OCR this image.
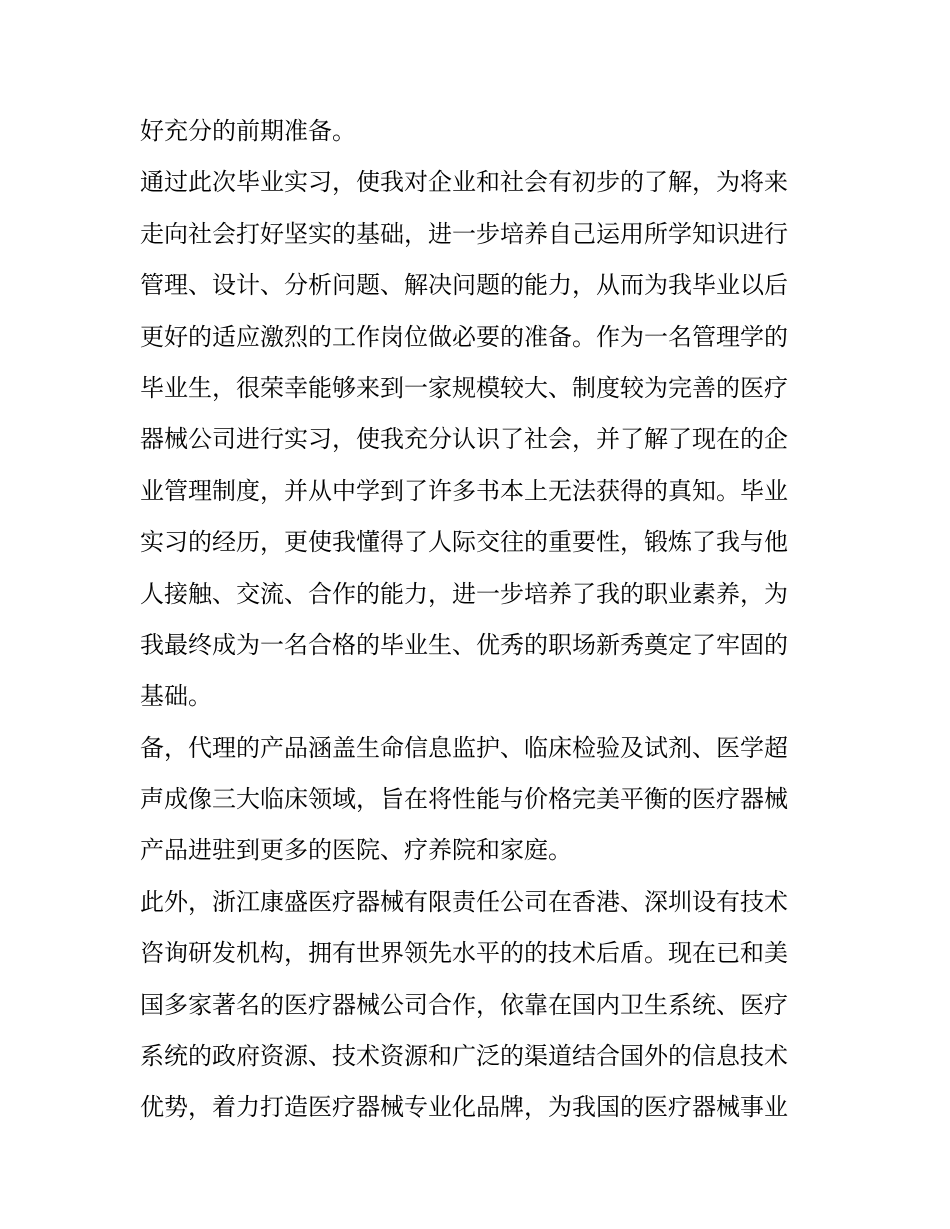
好充分的前期准备。
通过此次毕业实习，使我对企业和社会有初步的了解，为将来
走向社会打好坚实的基础，进一步培养自己运用所学知识进行
管理、设计、分析问题、解决问题的能力，从而为我毕业以后
更好的适应激烈的工作岗位做必要的准备。作为一名管理学的
毕业生，很荣幸能够来到一家规模较大、制度较为完善的医疗
器械公司进行实习，使我充分认识了社会，并了解了现在的企
业管理制度，并从中学到了许多书本上无法获得的真知。毕业
实习的经历，更使我懂得了人际交往的重要性，锻炼了我与他
人接触、交流、合作的能力，进一步培养了我的职业素养，为
我最终成为一名合格的毕业生、优秀的职场新秀奠定了牢固的
基础。
备，代理的产品涵盖生命信息监护、临床检验及试剂、医学超
声成像三大临床领域，旨在将性能与价格完美平衡的医疗器械
产品进驻到更多的医院、疗养院和家庭。
此外，浙江康盛医疗器械有限责任公司在香港、深圳设有技术
咨询研发机构，拥有世界领先水平的的技术后盾。现在已和美
国多家著名的医疗器械公司合作，依靠在国内卫生系统、医疗
系统的政府资源、技术资源和广泛的渠道结合国外的信息技术
优势，着力打造医疗器械专业化品牌，为我国的医疗器械事业
